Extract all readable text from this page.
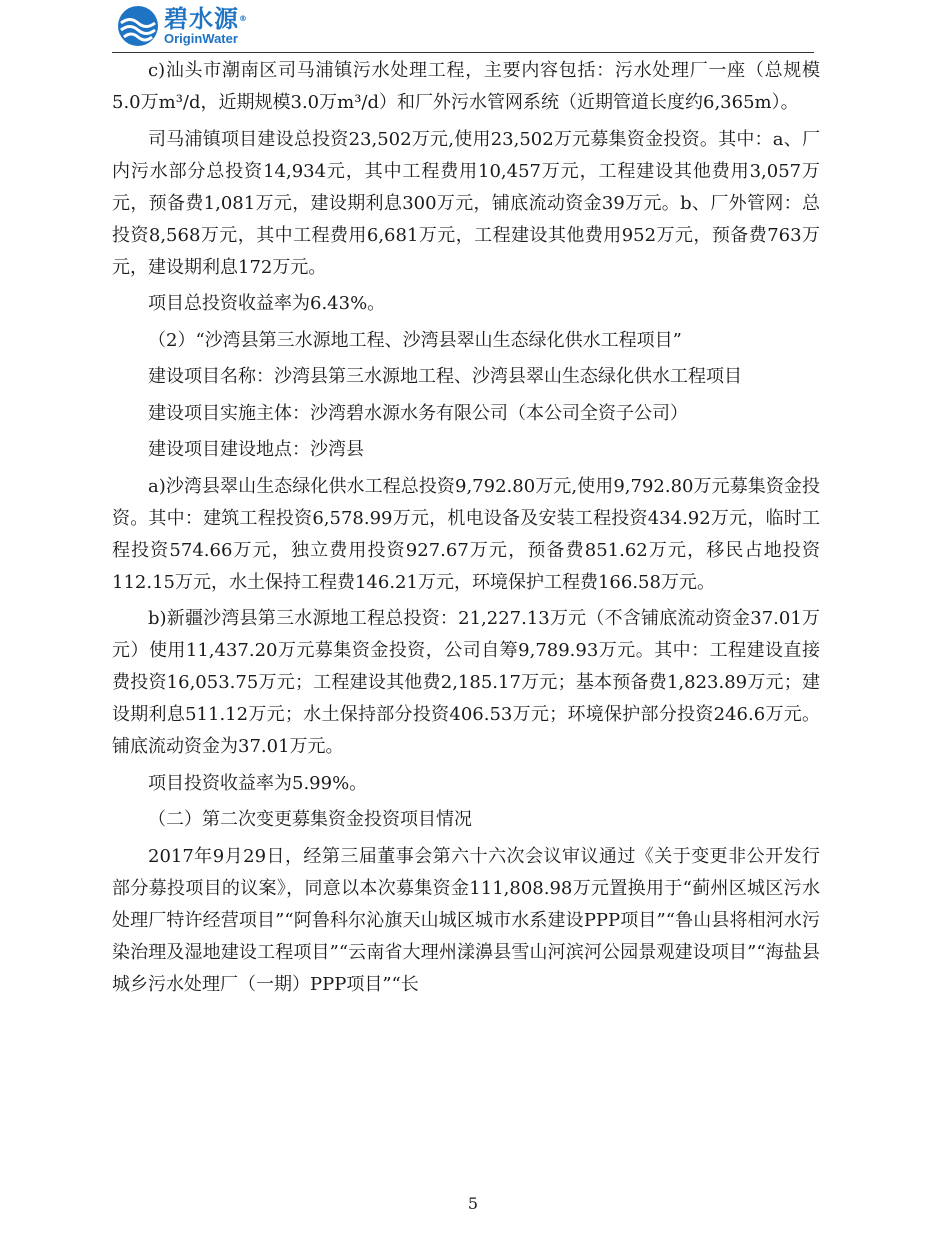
碧水源®
OriginWater

c)汕头市潮南区司马浦镇污水处理工程，主要内容包括：污水处理厂一座（总规模5.0万m³/d，近期规模3.0万m³/d）和厂外污水管网系统（近期管道长度约6,365m）。

司马浦镇项目建设总投资23,502万元,使用23,502万元募集资金投资。其中：a、厂内污水部分总投资14,934元，其中工程费用10,457万元，工程建设其他费用3,057万元，预备费1,081万元，建设期利息300万元，铺底流动资金39万元。b、厂外管网：总投资8,568万元，其中工程费用6,681万元，工程建设其他费用952万元，预备费763万元，建设期利息172万元。

项目总投资收益率为6.43%。

（2）“沙湾县第三水源地工程、沙湾县翠山生态绿化供水工程项目”

建设项目名称：沙湾县第三水源地工程、沙湾县翠山生态绿化供水工程项目

建设项目实施主体：沙湾碧水源水务有限公司（本公司全资子公司）

建设项目建设地点：沙湾县

a)沙湾县翠山生态绿化供水工程总投资9,792.80万元,使用9,792.80万元募集资金投资。其中：建筑工程投资6,578.99万元，机电设备及安装工程投资434.92万元，临时工程投资574.66万元，独立费用投资927.67万元，预备费851.62万元，移民占地投资112.15万元，水土保持工程费146.21万元，环境保护工程费166.58万元。

b)新疆沙湾县第三水源地工程总投资：21,227.13万元（不含铺底流动资金37.01万元）使用11,437.20万元募集资金投资，公司自筹9,789.93万元。其中：工程建设直接费投资16,053.75万元；工程建设其他费2,185.17万元；基本预备费1,823.89万元；建设期利息511.12万元；水土保持部分投资406.53万元；环境保护部分投资246.6万元。铺底流动资金为37.01万元。

项目投资收益率为5.99%。

（二）第二次变更募集资金投资项目情况

2017年9月29日，经第三届董事会第六十六次会议审议通过《关于变更非公开发行部分募投项目的议案》，同意以本次募集资金111,808.98万元置换用于“蓟州区城区污水处理厂特许经营项目”“阿鲁科尔沁旗天山城区城市水系建设PPP项目”“鲁山县将相河水污染治理及湿地建设工程项目”“云南省大理州漾濞县雪山河滨河公园景观建设项目”“海盐县城乡污水处理厂（一期）PPP项目”“长

5
